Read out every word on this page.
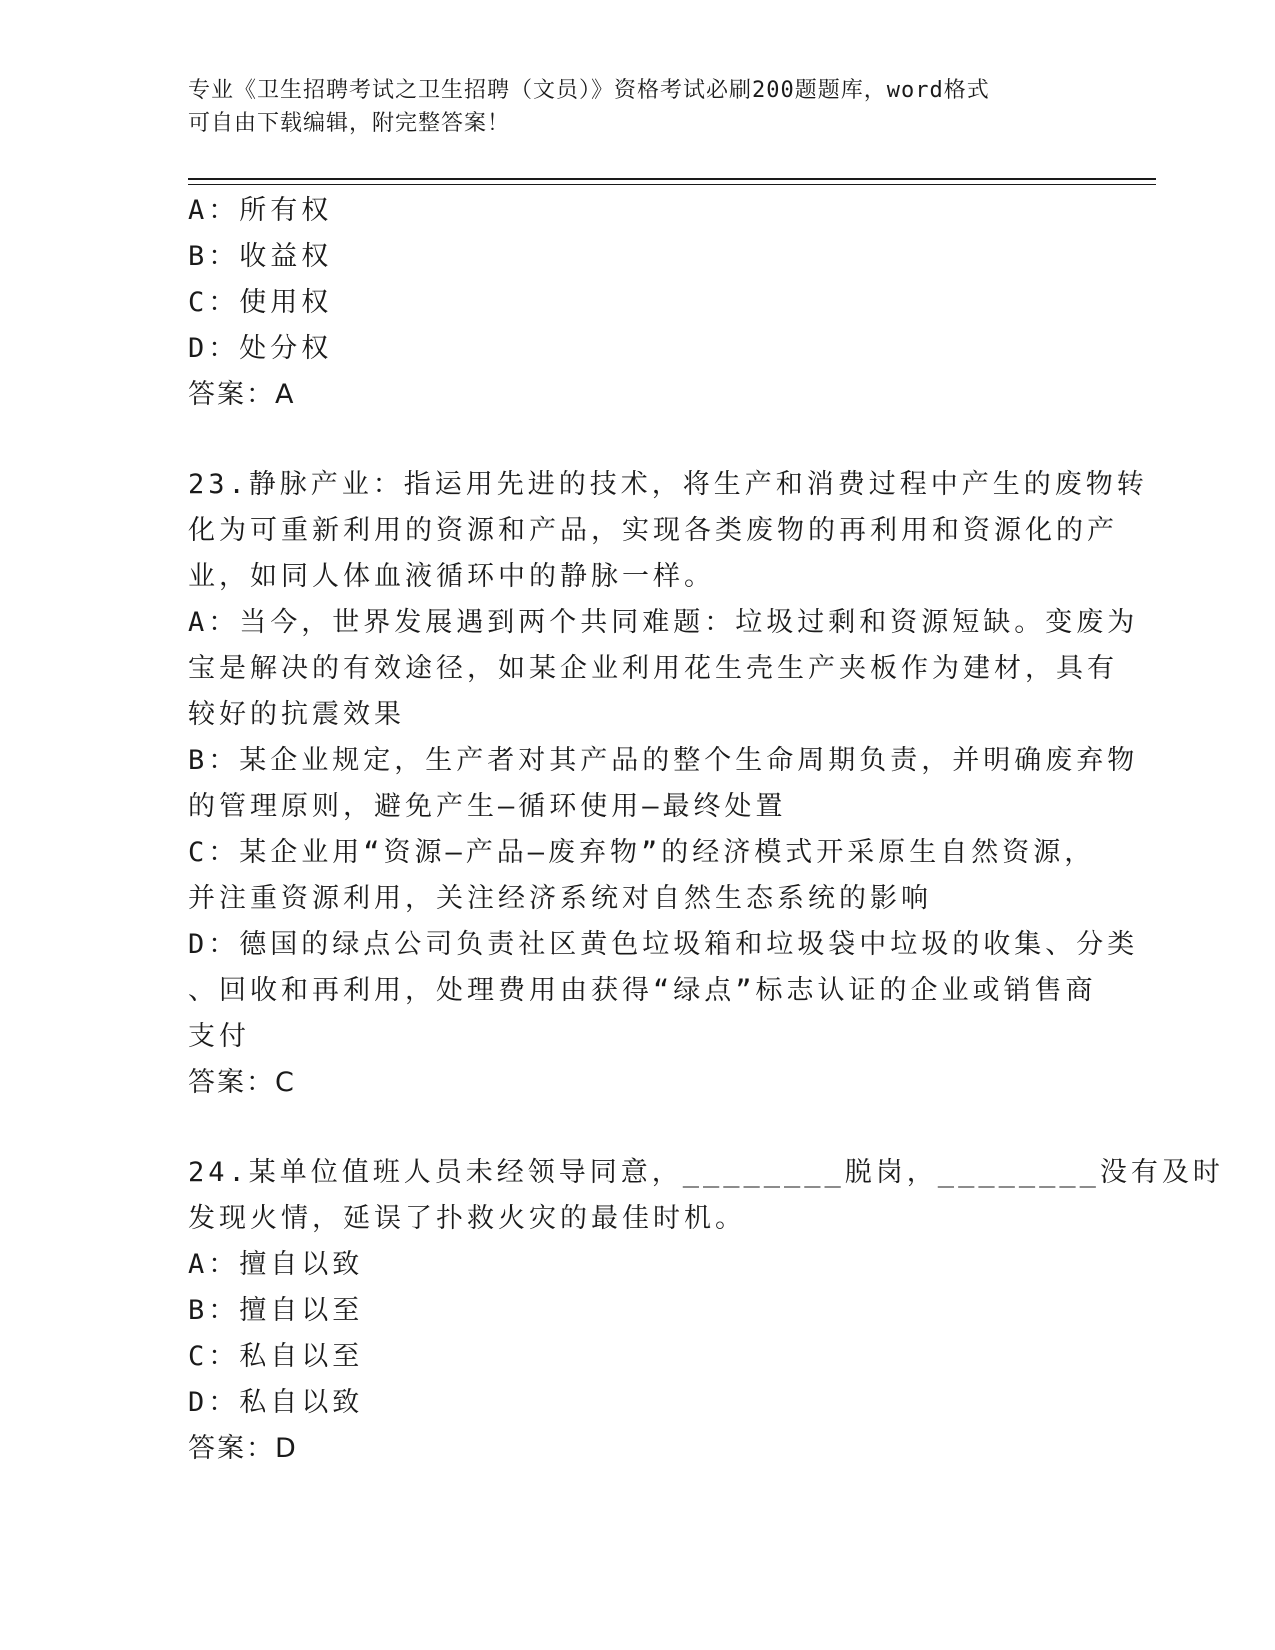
专业《卫生招聘考试之卫生招聘（文员）》资格考试必刷200题题库，word格式
可自由下载编辑，附完整答案！
A：所有权
B：收益权
C：使用权
D：处分权
答案：A
23.静脉产业：指运用先进的技术，将生产和消费过程中产生的废物转
化为可重新利用的资源和产品，实现各类废物的再利用和资源化的产
业，如同人体血液循环中的静脉一样。
A：当今，世界发展遇到两个共同难题：垃圾过剩和资源短缺。变废为
宝是解决的有效途径，如某企业利用花生壳生产夹板作为建材，具有
较好的抗震效果
B：某企业规定，生产者对其产品的整个生命周期负责，并明确废弃物
的管理原则，避免产生—循环使用—最终处置
C：某企业用“资源—产品—废弃物”的经济模式开采原生自然资源，
并注重资源利用，关注经济系统对自然生态系统的影响
D：德国的绿点公司负责社区黄色垃圾箱和垃圾袋中垃圾的收集、分类
、回收和再利用，处理费用由获得“绿点”标志认证的企业或销售商
支付
答案：C
24.某单位值班人员未经领导同意，________脱岗，________没有及时
发现火情，延误了扑救火灾的最佳时机。
A：擅自以致
B：擅自以至
C：私自以至
D：私自以致
答案：D
